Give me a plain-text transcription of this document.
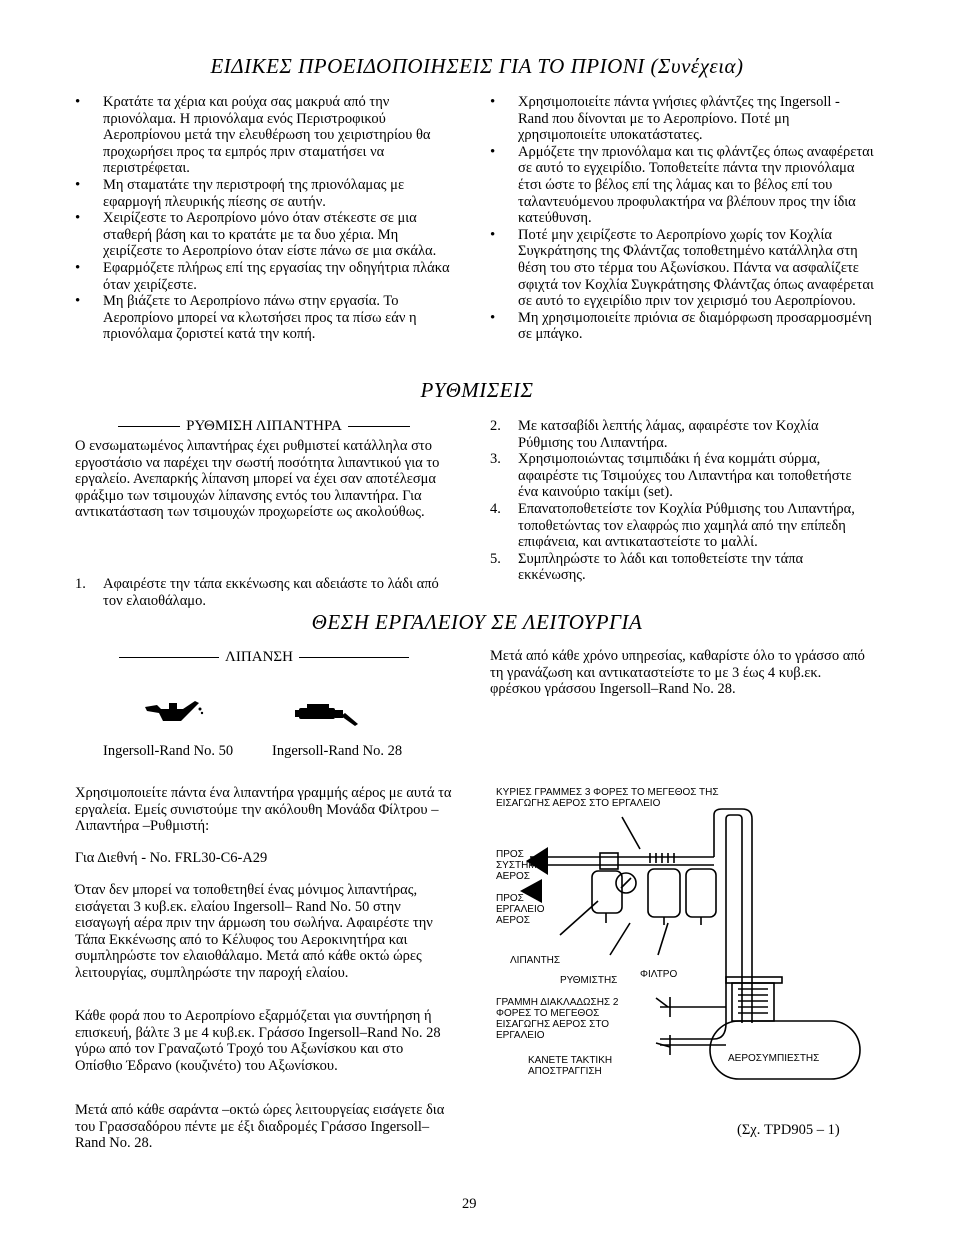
ΕΙΔΙΚΕΣ ΠΡΟΕΙΔΟΠΟΙΗΣΕΙΣ ΓΙΑ ΤΟ ΠΡΙΟΝΙ (Συνέχεια)
• Κρατάτε τα χέρια και ρούχα σας μακρυά από την πριονόλαμα. Η πριονόλαμα ενός Περιστροφικού Αεροπρίονου μετά την ελευθέρωση του χειριστηρίου θα προχωρήσει προς τα εμπρός πριν σταματήσει να περιστρέφεται.
• Μη σταματάτε την περιστροφή της πριονόλαμας με εφαρμογή πλευρικής πίεσης σε αυτήν.
• Χειρίζεστε το Αεροπρίονο μόνο όταν στέκεστε σε μια σταθερή βάση και το κρατάτε με τα δυο χέρια. Μη χειρίζεστε το Αεροπρίονο όταν είστε πάνω σε μια σκάλα.
• Εφαρμόζετε πλήρως επί της εργασίας την οδηγήτρια πλάκα όταν χειρίζεστε.
• Μη βιάζετε το Αεροπρίονο πάνω στην εργασία. Το Αεροπρίονο μπορεί να κλωτσήσει προς τα πίσω εάν η πριονόλαμα ζοριστεί κατά την κοπή.
• Χρησιμοποιείτε πάντα γνήσιες φλάντζες της Ingersoll - Rand που δίνονται με το Αεροπρίονο. Ποτέ μη χρησιμοποιείτε υποκατάστατες.
• Αρμόζετε την πριονόλαμα και τις φλάντζες όπως αναφέρεται σε αυτό το εγχειρίδιο. Τοποθετείτε πάντα την πριονόλαμα έτσι ώστε το βέλος επί της λάμας και το βέλος επί του ταλαντευόμενου προφυλακτήρα να βλέπουν προς την ίδια κατεύθυνση.
• Ποτέ μην χειρίζεστε το Αεροπρίονο χωρίς τον Κοχλία Συγκράτησης της Φλάντζας τοποθετημένο κατάλληλα στη θέση του στο τέρμα του Αξωνίσκου. Πάντα να ασφαλίζετε σφιχτά τον Κοχλία Συγκράτησης Φλάντζας όπως αναφέρεται σε αυτό το εγχειρίδιο πριν τον χειρισμό του Αεροπρίονου.
• Μη χρησιμοποιείτε πριόνια σε διαμόρφωση προσαρμοσμένη σε μπάγκο.
ΡΥΘΜΙΣΕΙΣ
ΡΥΘΜΙΣΗ ΛΙΠΑΝΤΗΡΑ

Ο ενσωματωμένος λιπαντήρας έχει ρυθμιστεί κατάλληλα στο εργοστάσιο να παρέχει την σωστή ποσότητα λιπαντικού για το εργαλείο. Ανεπαρκής λίπανση μπορεί να έχει σαν αποτέλεσμα φράξιμο των τσιμουχών λίπανσης εντός του λιπαντήρα. Για αντικατάσταση των τσιμουχών προχωρείστε ως ακολούθως.

1. Αφαιρέστε την τάπα εκκένωσης και αδειάστε το λάδι από τον ελαιοθάλαμο.
2. Με κατσαβίδι λεπτής λάμας, αφαιρέστε τον Κοχλία Ρύθμισης του Λιπαντήρα.
3. Χρησιμοποιώντας τσιμπιδάκι ή ένα κομμάτι σύρμα, αφαιρέστε τις Τσιμούχες του Λιπαντήρα και τοποθετήστε ένα καινούριο τακίμι (set).
4. Επανατοποθετείστε τον Κοχλία Ρύθμισης του Λιπαντήρα, τοποθετώντας τον ελαφρώς πιο χαμηλά από την επίπεδη επιφάνεια, και αντικαταστείστε το μαλλί.
5. Συμπληρώστε το λάδι και τοποθετείστε την τάπα εκκένωσης.
ΘΕΣΗ ΕΡΓΑΛΕΙΟΥ ΣΕ ΛΕΙΤΟΥΡΓΙΑ
ΛΙΠΑΝΣΗ
Ingersoll-Rand No. 50	Ingersoll-Rand No. 28

Μετά από κάθε χρόνο υπηρεσίας, καθαρίστε όλο το γράσσο από τη γρανάζωση και αντικαταστείστε το με 3 έως 4 κυβ.εκ. φρέσκου γράσσου Ingersoll–Rand No. 28.

Χρησιμοποιείτε πάντα ένα λιπαντήρα γραμμής αέρος με αυτά τα εργαλεία. Εμείς συνιστούμε την ακόλουθη Μονάδα Φίλτρου –Λιπαντήρα –Ρυθμιστή:

Για Διεθνή - No. FRL30-C6-A29

Όταν δεν μπορεί να τοποθετηθεί ένας μόνιμος λιπαντήρας, εισάγεται 3 κυβ.εκ. ελαίου Ingersoll– Rand No. 50 στην εισαγωγή αέρα πριν την άρμωση του σωλήνα. Αφαιρέστε την Τάπα Εκκένωσης από το Κέλυφος του Αεροκινητήρα και συμπληρώστε τον ελαιοθάλαμο. Μετά από κάθε οκτώ ώρες λειτουργίας, συμπληρώστε την παροχή ελαίου.

Κάθε φορά που το Αεροπρίονο εξαρμόζεται για συντήρηση ή επισκευή, βάλτε 3 με 4 κυβ.εκ. Γράσσο Ingersoll–Rand No. 28 γύρω από τον Γραναζωτό Τροχό του Αξωνίσκου και στο Οπίσθιο Έδρανο (κουζινέτο) του Αξωνίσκου.

Μετά από κάθε σαράντα –οκτώ ώρες λειτουργείας εισάγετε δια του Γρασσαδόρου πέντε με έξι διαδρομές Γράσσο Ingersoll–Rand No. 28.

ΚΥΡΙΕΣ ΓΡΑΜΜΕΣ 3 ΦΟΡΕΣ ΤΟ ΜΕΓΕΘΟΣ ΤΗΣ ΕΙΣΑΓΩΓΗΣ ΑΕΡΟΣ ΣΤΟ ΕΡΓΑΛΕΙΟ
ΠΡΟΣ ΣΥΣΤΗΜΑ ΑΕΡΟΣ
ΠΡΟΣ ΕΡΓΑΛΕΙΟ ΑΕΡΟΣ
ΛΙΠΑΝΤΗΣ
ΡΥΘΜΙΣΤΗΣ
ΦΙΛΤΡΟ
ΓΡΑΜΜΗ ΔΙΑΚΛΑΔΩΣΗΣ 2 ΦΟΡΕΣ ΤΟ ΜΕΓΕΘΟΣ ΕΙΣΑΓΩΓΗΣ ΑΕΡΟΣ ΣΤΟ ΕΡΓΑΛΕΙΟ
ΚΑΝΕΤΕ ΤΑΚΤΙΚΗ ΑΠΟΣΤΡΑΓΓΙΣΗ
ΑΕΡΟΣΥΜΠΙΕΣΤΗΣ
(Σχ. TPD905 – 1)
29
